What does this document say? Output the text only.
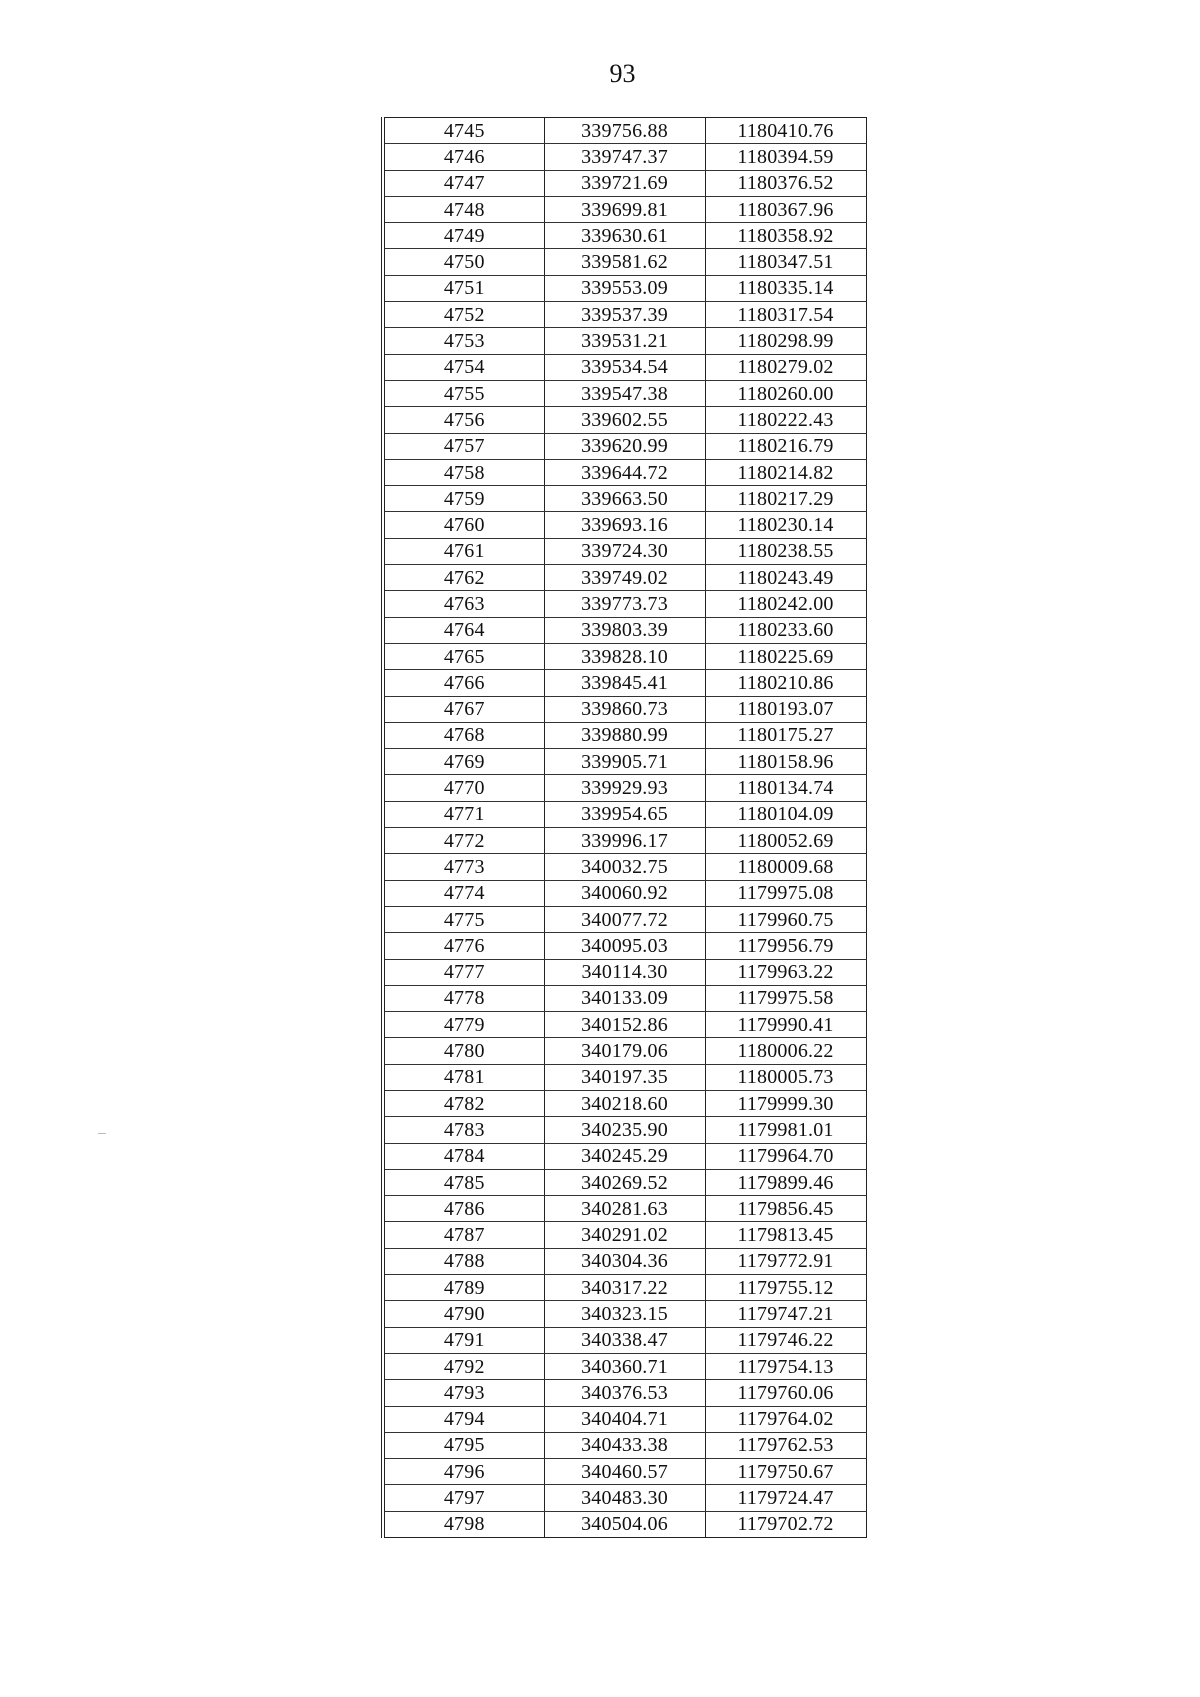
93
4745	339756.88	1180410.76
4746	339747.37	1180394.59
4747	339721.69	1180376.52
4748	339699.81	1180367.96
4749	339630.61	1180358.92
4750	339581.62	1180347.51
4751	339553.09	1180335.14
4752	339537.39	1180317.54
4753	339531.21	1180298.99
4754	339534.54	1180279.02
4755	339547.38	1180260.00
4756	339602.55	1180222.43
4757	339620.99	1180216.79
4758	339644.72	1180214.82
4759	339663.50	1180217.29
4760	339693.16	1180230.14
4761	339724.30	1180238.55
4762	339749.02	1180243.49
4763	339773.73	1180242.00
4764	339803.39	1180233.60
4765	339828.10	1180225.69
4766	339845.41	1180210.86
4767	339860.73	1180193.07
4768	339880.99	1180175.27
4769	339905.71	1180158.96
4770	339929.93	1180134.74
4771	339954.65	1180104.09
4772	339996.17	1180052.69
4773	340032.75	1180009.68
4774	340060.92	1179975.08
4775	340077.72	1179960.75
4776	340095.03	1179956.79
4777	340114.30	1179963.22
4778	340133.09	1179975.58
4779	340152.86	1179990.41
4780	340179.06	1180006.22
4781	340197.35	1180005.73
4782	340218.60	1179999.30
4783	340235.90	1179981.01
4784	340245.29	1179964.70
4785	340269.52	1179899.46
4786	340281.63	1179856.45
4787	340291.02	1179813.45
4788	340304.36	1179772.91
4789	340317.22	1179755.12
4790	340323.15	1179747.21
4791	340338.47	1179746.22
4792	340360.71	1179754.13
4793	340376.53	1179760.06
4794	340404.71	1179764.02
4795	340433.38	1179762.53
4796	340460.57	1179750.67
4797	340483.30	1179724.47
4798	340504.06	1179702.72
